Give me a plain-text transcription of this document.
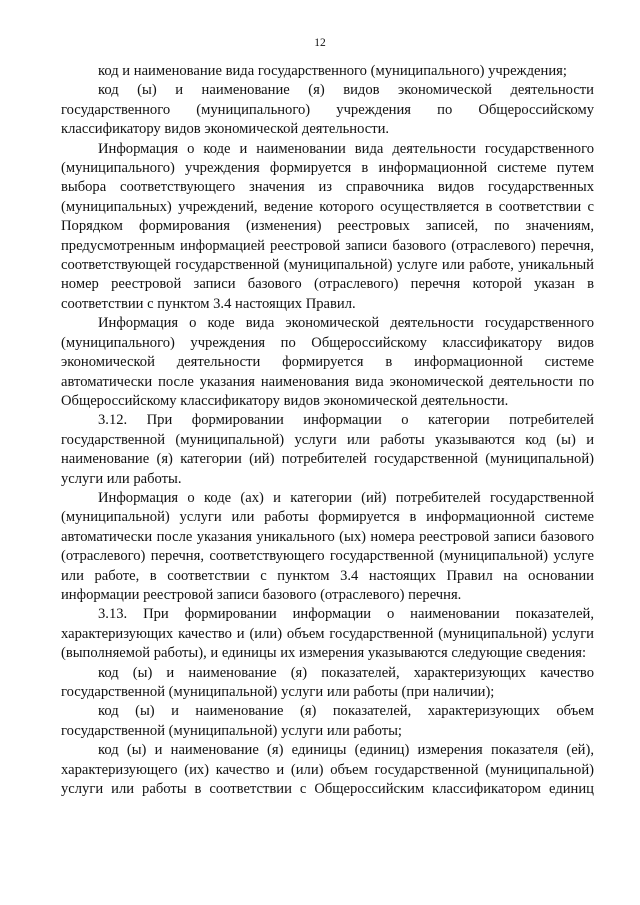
12

код и наименование вида государственного (муниципального) учреждения;

код (ы) и наименование (я) видов экономической деятельности государственного (муниципального) учреждения по Общероссийскому классификатору видов экономической деятельности.

Информация о коде и наименовании вида деятельности государственного (муниципального) учреждения формируется в информационной системе путем выбора соответствующего значения из справочника видов государственных (муниципальных) учреждений, ведение которого осуществляется в соответствии с Порядком формирования (изменения) реестровых записей, по значениям, предусмотренным информацией реестровой записи базового (отраслевого) перечня, соответствующей государственной (муниципальной) услуге или работе, уникальный номер реестровой записи базового (отраслевого) перечня которой указан в соответствии с пунктом 3.4 настоящих Правил.

Информация о коде вида экономической деятельности государственного (муниципального) учреждения по Общероссийскому классификатору видов экономической деятельности формируется в информационной системе автоматически после указания наименования вида экономической деятельности по Общероссийскому классификатору видов экономической деятельности.

3.12. При формировании информации о категории потребителей государственной (муниципальной) услуги или работы указываются код (ы) и наименование (я) категории (ий) потребителей государственной (муниципальной) услуги или работы.

Информация о коде (ах) и категории (ий) потребителей государственной (муниципальной) услуги или работы формируется в информационной системе автоматически после указания уникального (ых) номера реестровой записи базового (отраслевого) перечня, соответствующего государственной (муниципальной) услуге или работе, в соответствии с пунктом 3.4 настоящих Правил на основании информации реестровой записи базового (отраслевого) перечня.

3.13. При формировании информации о наименовании показателей, характеризующих качество и (или) объем государственной (муниципальной) услуги (выполняемой работы), и единицы их измерения указываются следующие сведения:

код (ы) и наименование (я) показателей, характеризующих качество государственной (муниципальной) услуги или работы (при наличии);

код (ы) и наименование (я) показателей, характеризующих объем государственной (муниципальной) услуги или работы;

код (ы) и наименование (я) единицы (единиц) измерения показателя (ей), характеризующего (их) качество и (или) объем государственной (муниципальной) услуги или работы в соответствии с Общероссийским классификатором единиц
